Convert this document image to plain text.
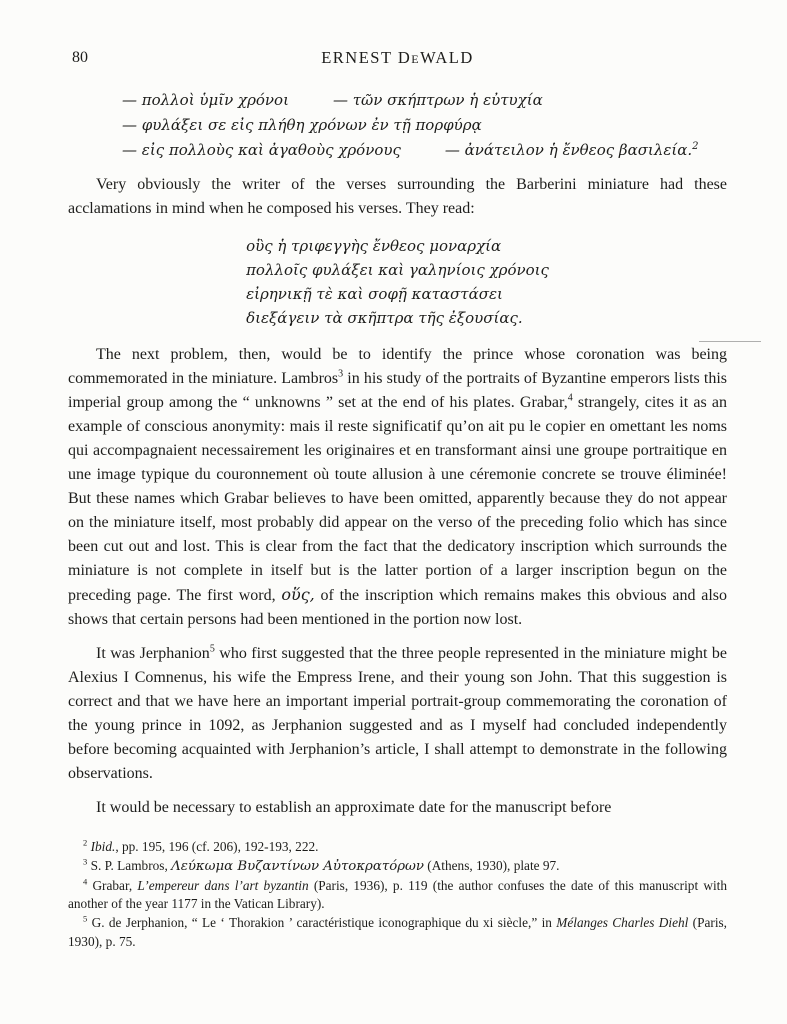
80	ERNEST DeWALD
— πολλοὶ ὑμῖν χρόνοι	— τῶν σκήπτρων ἡ εὐτυχία
— φυλάξει σε εἰς πλήθη χρόνων ἐν τῇ πορφύρᾳ
— εἰς πολλοὺς καὶ ἀγαθοὺς χρόνους	— ἀνάτειλον ἡ ἔνθεος βασιλεία.$^2$

Very obviously the writer of the verses surrounding the Barberini miniature had these acclamations in mind when he composed his verses. They read:

οὓς ἡ τριφεγγὴς ἔνθεος μοναρχία
πολλοῖς φυλάξει καὶ γαληνίοις χρόνοις
εἰρηνικῇ τὲ καὶ σοφῇ καταστάσει
διεξάγειν τὰ σκῆπτρα τῆς ἐξουσίας.

The next problem, then, would be to identify the prince whose coronation was being commemorated in the miniature. Lambros$^3$ in his study of the portraits of Byzantine emperors lists this imperial group among the “ unknowns ” set at the end of his plates. Grabar,$^4$ strangely, cites it as an example of conscious anonymity: mais il reste significatif qu’on ait pu le copier en omettant les noms qui accompagnaient necessairement les originaires et en transformant ainsi une groupe portraitique en une image typique du couronnement où toute allusion à une céremonie concrete se trouve éliminée! But these names which Grabar believes to have been omitted, apparently because they do not appear on the miniature itself, most probably did appear on the verso of the preceding folio which has since been cut out and lost. This is clear from the fact that the dedicatory inscription which surrounds the miniature is not complete in itself but is the latter portion of a larger inscription begun on the preceding page. The first word, οὕς, of the inscription which remains makes this obvious and also shows that certain persons had been mentioned in the portion now lost.

It was Jerphanion$^5$ who first suggested that the three people represented in the miniature might be Alexius I Comnenus, his wife the Empress Irene, and their young son John. That this suggestion is correct and that we have here an important imperial portrait-group commemorating the coronation of the young prince in 1092, as Jerphanion suggested and as I myself had concluded independently before becoming acquainted with Jerphanion’s article, I shall attempt to demonstrate in the following observations.

It would be necessary to establish an approximate date for the manuscript before

$^2$ Ibid., pp. 195, 196 (cf. 206), 192-193, 222.

$^3$ S. P. Lambros, Λεύκωμα Βυζαντίνων Αὐτοκρατόρων (Athens, 1930), plate 97.

$^4$ Grabar, L’empereur dans l’art byzantin (Paris, 1936), p. 119 (the author confuses the date of this manuscript with another of the year 1177 in the Vatican Library).

$^5$ G. de Jerphanion, “ Le ‘ Thorakion ’ caractéristique iconographique du xi siècle,” in Mélanges Charles Diehl (Paris, 1930), p. 75.
